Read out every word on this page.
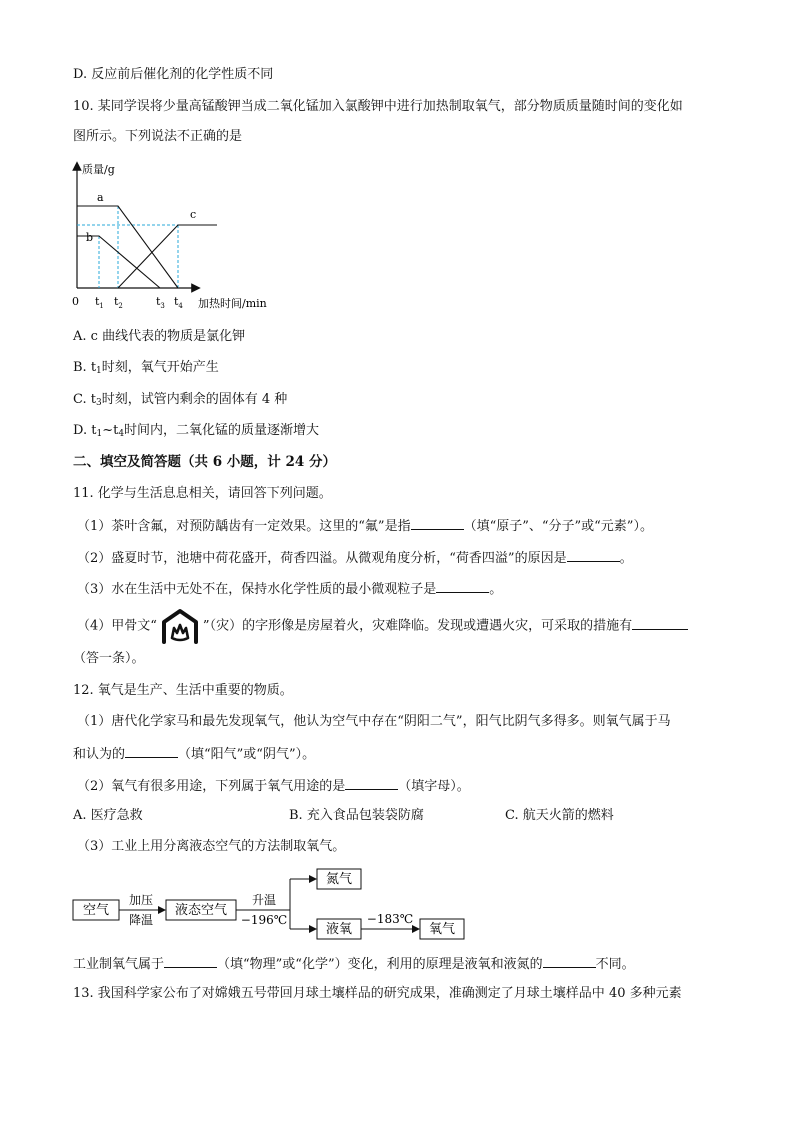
D. 反应前后催化剂的化学性质不同
10. 某同学误将少量高锰酸钾当成二氧化锰加入氯酸钾中进行加热制取氧气，部分物质质量随时间的变化如
图所示。下列说法不正确的是
质量/g
0	加热时间/min
a
b
c
$t_1$ $t_2$	$t_3$ $t_4$
A. c 曲线代表的物质是氯化钾
B. $t_1$时刻，氧气开始产生
C. $t_3$时刻，试管内剩余的固体有 4 种
D. $t_1\sim t_4$时间内，二氧化锰的质量逐渐增大
二、填空及简答题（共 6 小题，计 24 分）
11. 化学与生活息息相关，请回答下列问题。
（1）茶叶含氟，对预防龋齿有一定效果。这里的“氟”是指	（填“原子”、“分子”或“元素”）。
（2）盛夏时节，池塘中荷花盛开，荷香四溢。从微观角度分析，“荷香四溢”的原因是	。
（3）水在生活中无处不在，保持水化学性质的最小微观粒子是	。
（4）甲骨文“	”（灾）的字形像是房屋着火，灾难降临。发现或遭遇火灾，可采取的措施有
（答一条）。
12. 氧气是生产、生活中重要的物质。
（1）唐代化学家马和最先发现氧气，他认为空气中存在“阴阳二气”，阳气比阴气多得多。则氧气属于马
和认为的	（填“阳气”或“阴气”）。
（2）氧气有很多用途，下列属于氧气用途的是	（填字母）。
A. 医疗急救	B. 充入食品包装袋防腐	C. 航天火箭的燃料
（3）工业上用分离液态空气的方法制取氧气。
空气	液态空气
氮气
液氧	氧气
加压
降温
升温
−196℃	−183℃
工业制氧气属于	（填“物理”或“化学”）变化，利用的原理是液氧和液氮的	不同。
13. 我国科学家公布了对嫦娥五号带回月球土壤样品的研究成果，准确测定了月球土壤样品中 40 多种元素
